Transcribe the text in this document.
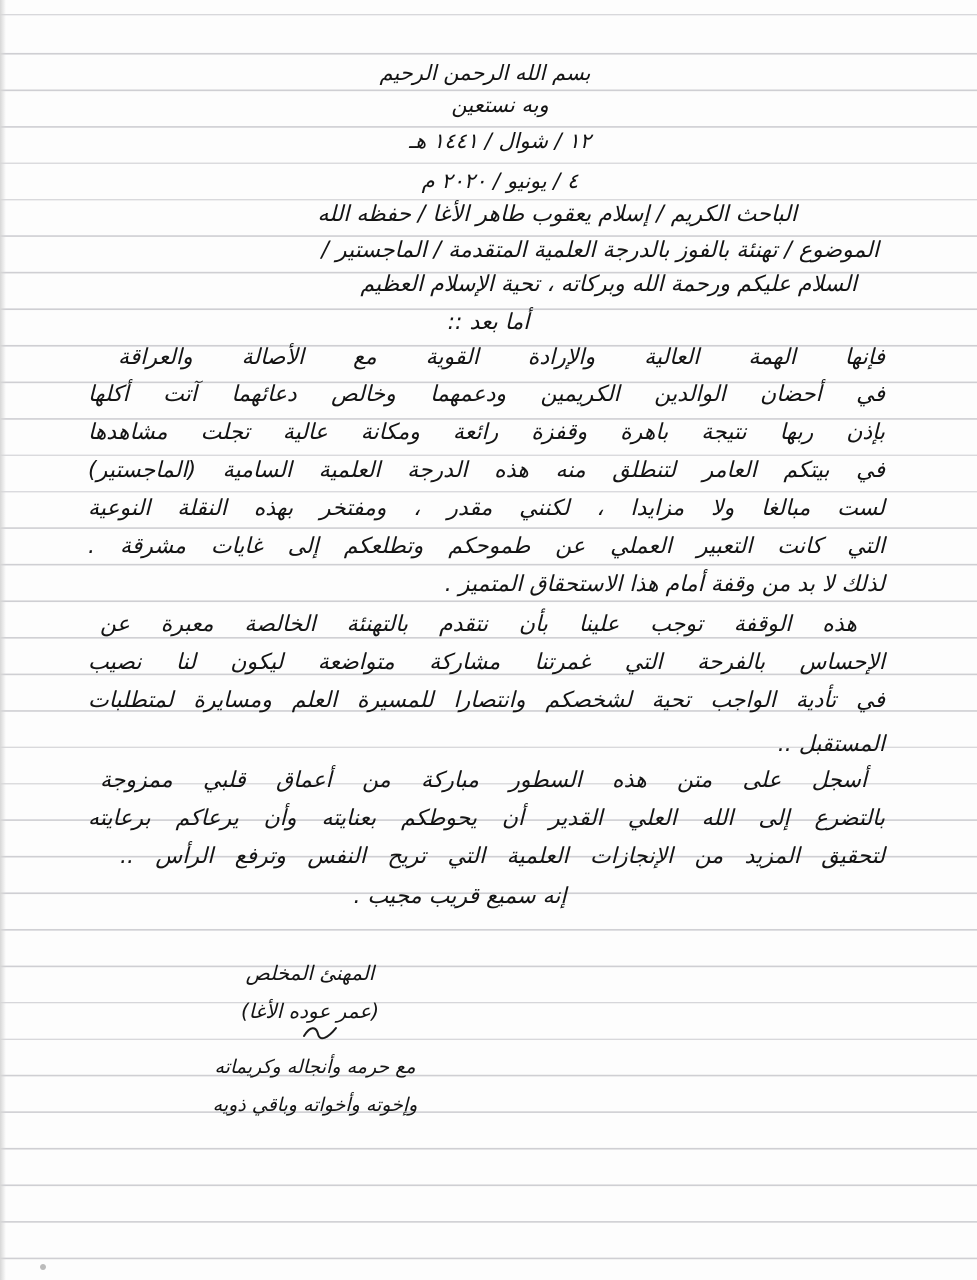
بسم الله الرحمن الرحيم
وبه نستعين
١٢ / شوال / ١٤٤١ هـ
٤ / يونيو / ٢٠٢٠ م
الباحث الكريم / إسلام يعقوب طاهر الأغا / حفظه الله
الموضوع / تهنئة بالفوز بالدرجة العلمية المتقدمة / الماجستير /
السلام عليكم ورحمة الله وبركاته ، تحية الإسلام العظيم
أما بعد ::
فإنها الهمة العالية والإرادة القوية مع الأصالة والعراقة
في أحضان الوالدين الكريمين ودعمهما وخالص دعائهما آتت أكلها
بإذن ربها نتيجة باهرة وقفزة رائعة ومكانة عالية تجلت مشاهدها
في بيتكم العامر لتنطلق منه هذه الدرجة العلمية السامية (الماجستير)
لست مبالغا ولا مزايدا ، لكنني مقدر ، ومفتخر بهذه النقلة النوعية
التي كانت التعبير العملي عن طموحكم وتطلعكم إلى غايات مشرقة .
لذلك لا بد من وقفة أمام هذا الاستحقاق المتميز .
هذه الوقفة توجب علينا بأن نتقدم بالتهنئة الخالصة معبرة عن
الإحساس بالفرحة التي غمرتنا مشاركة متواضعة ليكون لنا نصيب
في تأدية الواجب تحية لشخصكم وانتصارا للمسيرة العلم ومسايرة لمتطلبات
المستقبل ..
أسجل على متن هذه السطور مباركة من أعماق قلبي ممزوجة
بالتضرع إلى الله العلي القدير أن يحوطكم بعنايته وأن يرعاكم برعايته
لتحقيق المزيد من الإنجازات العلمية التي تريح النفس وترفع الرأس ..
إنه سميع قريب مجيب .
المهنئ المخلص
(عمر عوده الأغا)
مع حرمه وأنجاله وكريماته
وإخوته وأخواته وباقي ذويه
